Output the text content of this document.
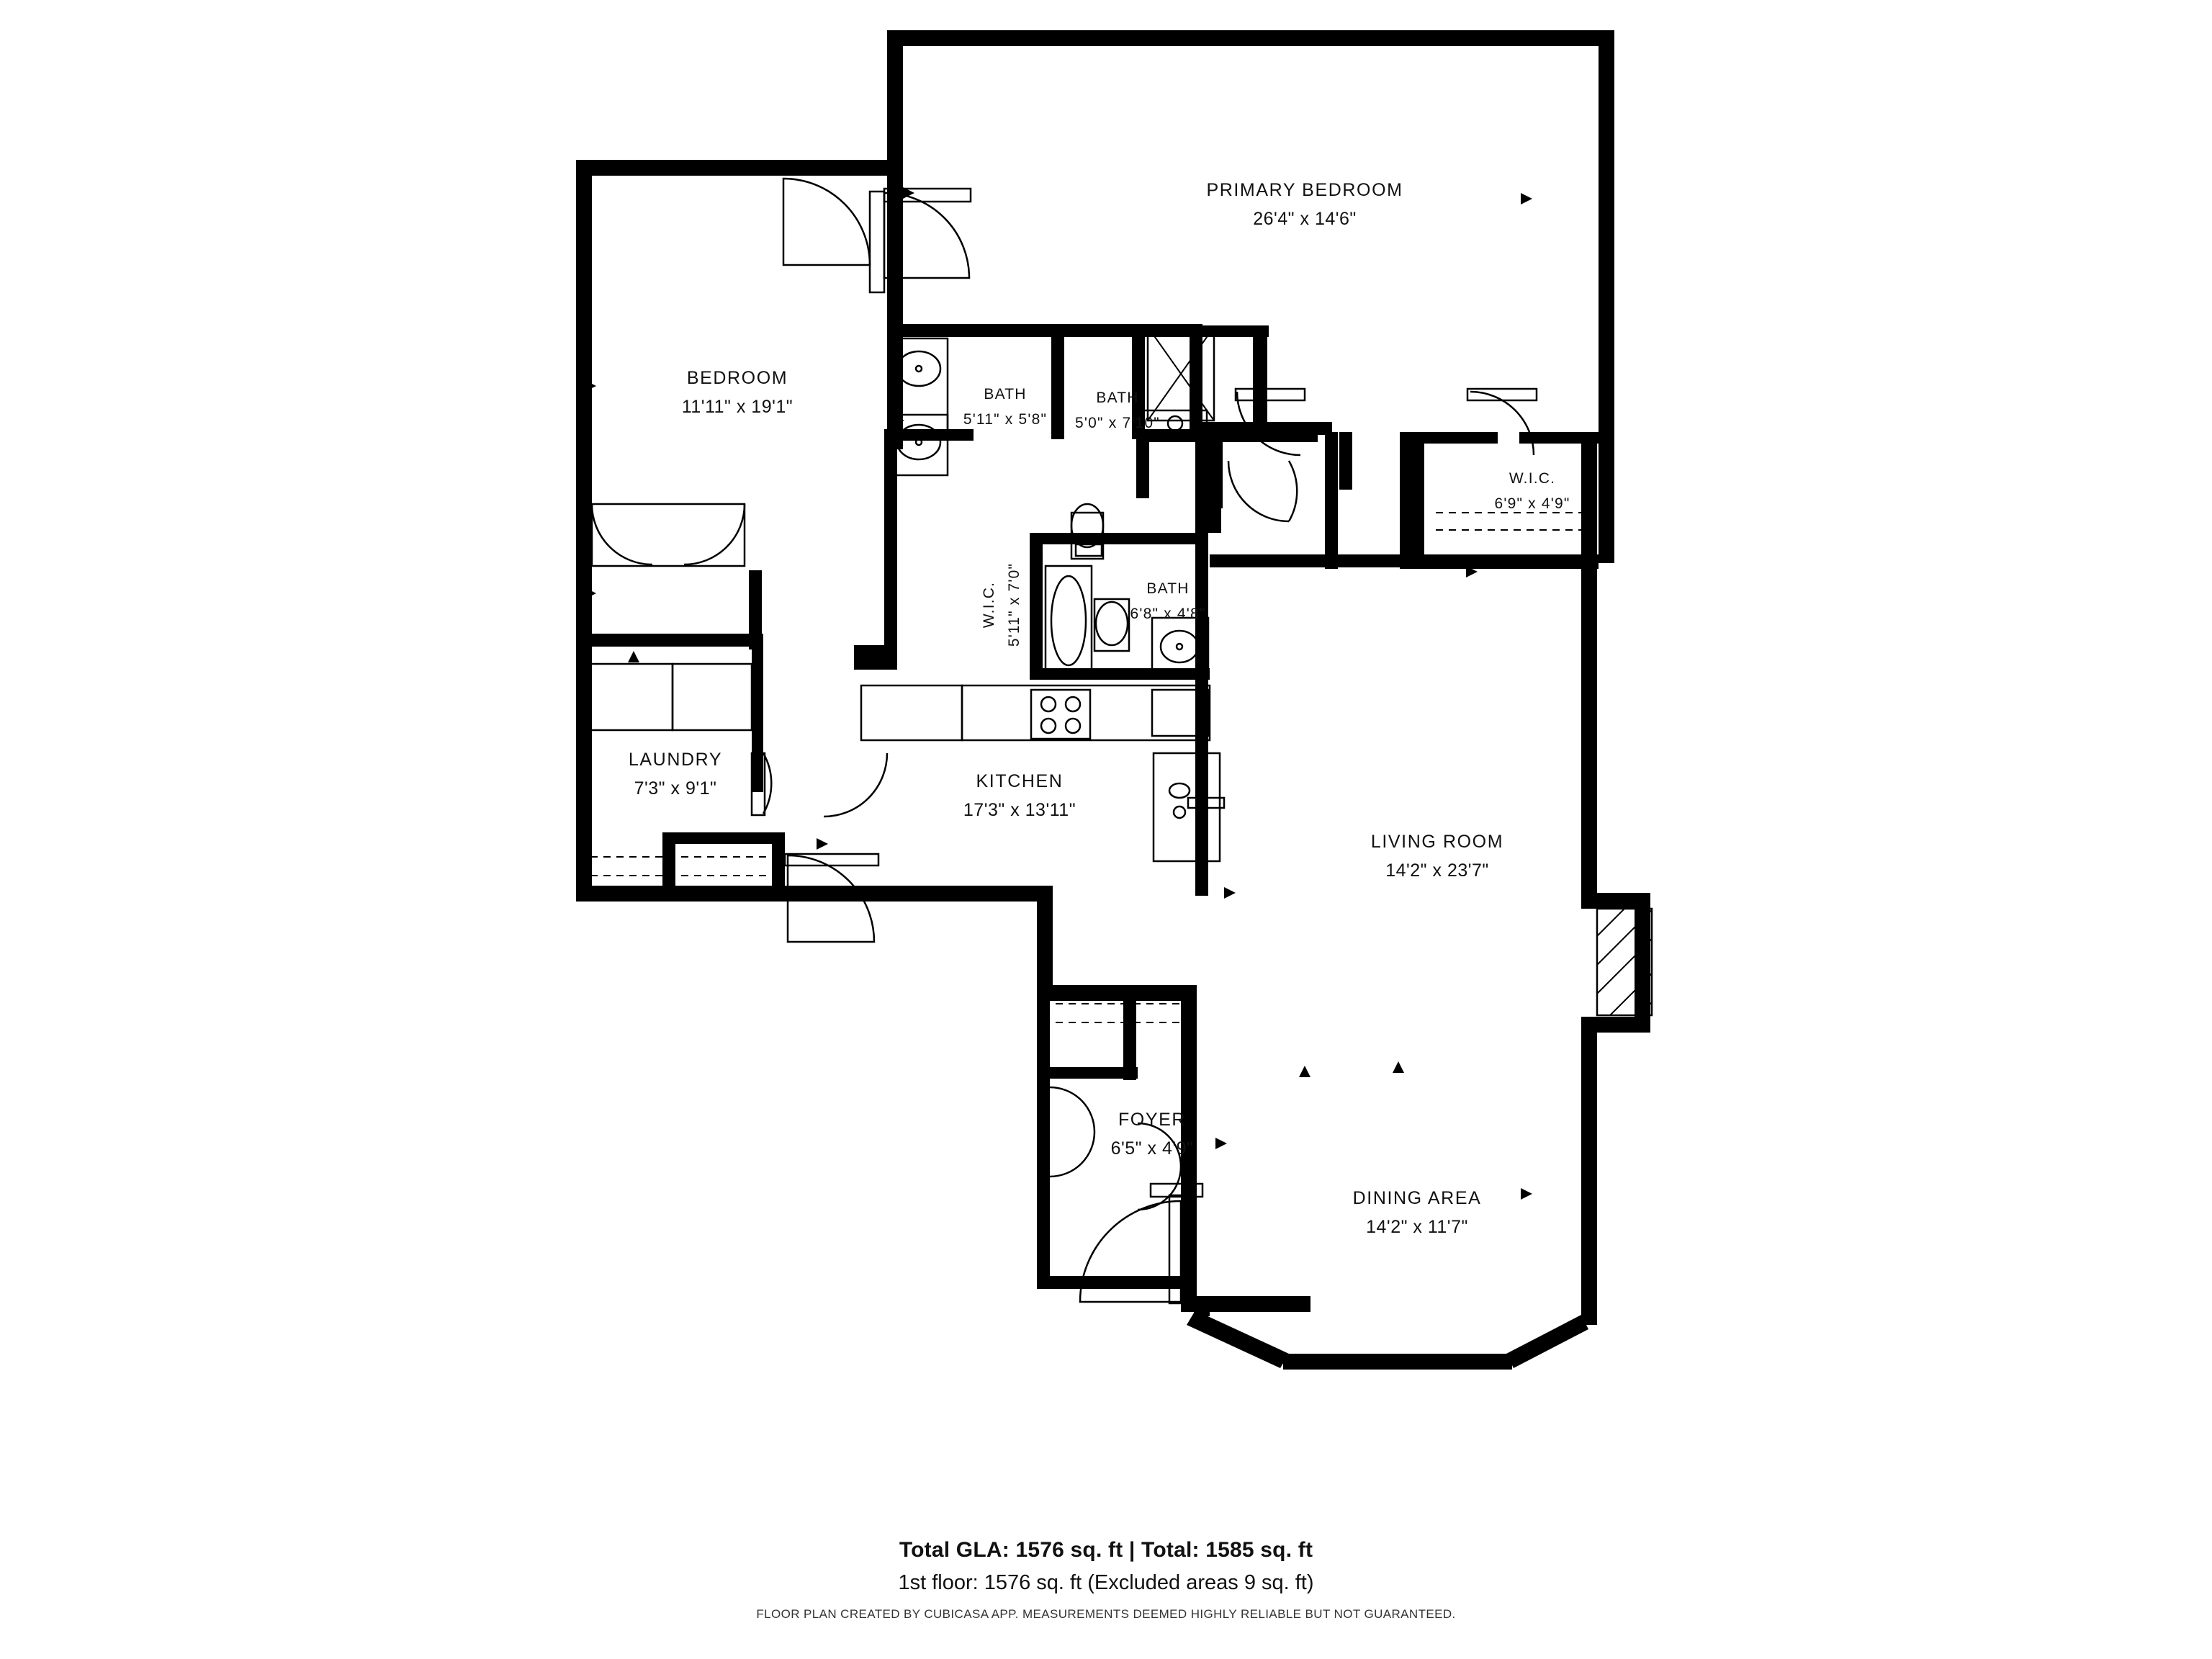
PRIMARY BEDROOM
26'4" x 14'6"
BEDROOM
11'11" x 19'1"
BATH
5'11" x 5'8"
BATH
5'0" x 7'10"
W.I.C.
6'9" x 4'9"
W.I.C. 5'11" x 7'0"	BATH
6'8" x 4'8"
LAUNDRY
7'3" x 9'1"	KITCHEN
17'3" x 13'11"
LIVING ROOM
14'2" x 23'7"
FOYER
6'5" x 4'9"
DINING AREA
14'2" x 11'7"
Total GLA: 1576 sq. ft | Total: 1585 sq. ft
1st floor: 1576 sq. ft (Excluded areas 9 sq. ft)
FLOOR PLAN CREATED BY CUBICASA APP. MEASUREMENTS DEEMED HIGHLY RELIABLE BUT NOT GUARANTEED.
